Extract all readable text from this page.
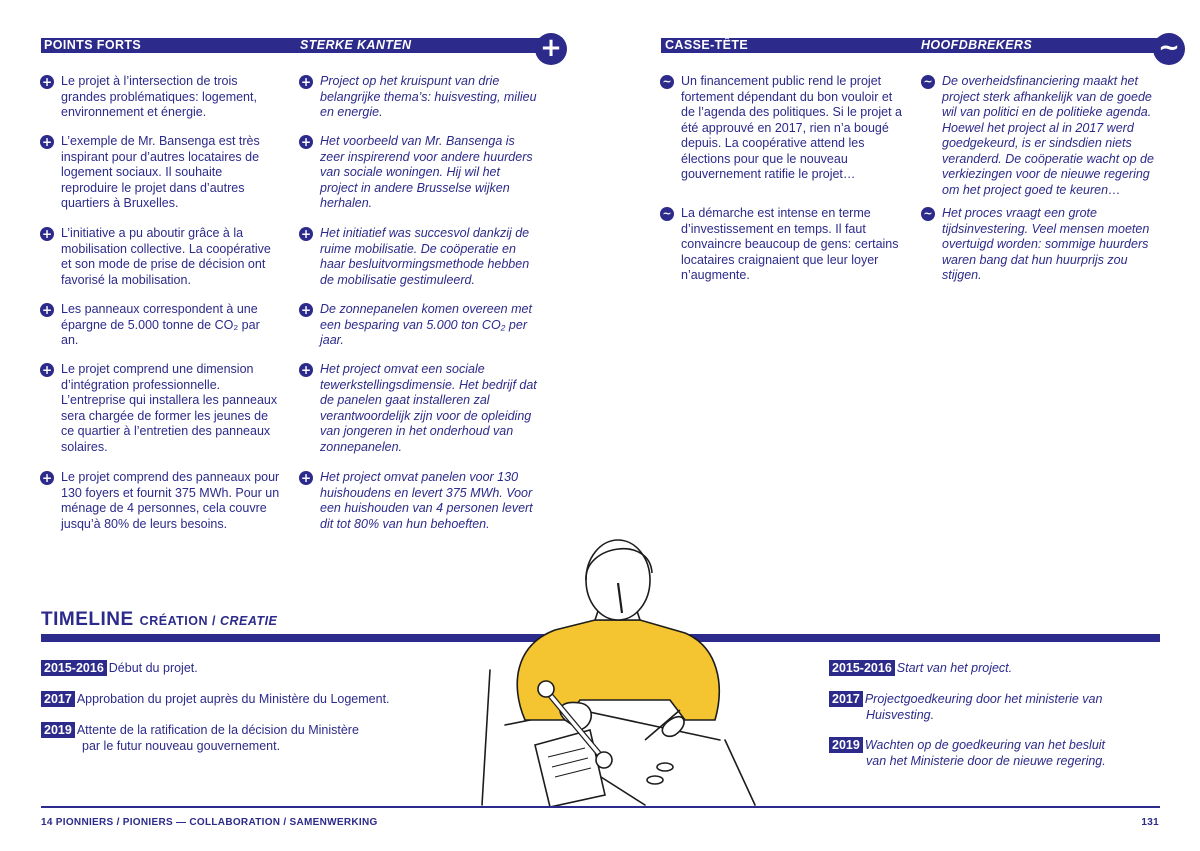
POINTS FORTS	STERKE KANTEN	+	CASSE-TÊTE	HOOFDBREKERS	~
+ Le projet à l’intersection de trois grandes problématiques: logement, environnement et énergie.
+ L’exemple de Mr. Bansenga est très inspirant pour d’autres locataires de logement sociaux. Il souhaite reproduire le projet dans d’autres quartiers à Bruxelles.
+ L’initiative a pu aboutir grâce à la mobilisation collective. La coopérative et son mode de prise de décision ont favorisé la mobilisation.
+ Les panneaux correspondent à une épargne de 5.000 tonne de CO₂ par an.
+ Le projet comprend une dimension d’intégration professionnelle. L’entreprise qui installera les panneaux sera chargée de former les jeunes de ce quartier à l’entretien des panneaux solaires.
+ Le projet comprend des panneaux pour 130 foyers et fournit 375 MWh. Pour un ménage de 4 personnes, cela couvre jusqu’à 80% de leurs besoins.
+ Project op het kruispunt van drie belangrijke thema’s: huisvesting, milieu en energie.
+ Het voorbeeld van Mr. Bansenga is zeer inspirerend voor andere huurders van sociale woningen. Hij wil het project in andere Brusselse wijken herhalen.
+ Het initiatief was succesvol dankzij de ruime mobilisatie. De coöperatie en haar besluitvormingsmethode hebben de mobilisatie gestimuleerd.
+ De zonnepanelen komen overeen met een besparing van 5.000 ton CO₂ per jaar.
+ Het project omvat een sociale tewerkstellingsdimensie. Het bedrijf dat de panelen gaat installeren zal verantwoordelijk zijn voor de opleiding van jongeren in het onderhoud van zonnepanelen.
+ Het project omvat panelen voor 130 huishoudens en levert 375 MWh. Voor een huishouden van 4 personen levert dit tot 80% van hun behoeften.
~ Un financement public rend le projet fortement dépendant du bon vouloir et de l’agenda des politiques. Si le projet a été approuvé en 2017, rien n’a bougé depuis. La coopérative attend les élections pour que le nouveau gouvernement ratifie le projet…
~ La démarche est intense en terme d’investissement en temps. Il faut convaincre beaucoup de gens: certains locataires craignaient que leur loyer n’augmente.
~ De overheidsfinanciering maakt het project sterk afhankelijk van de goede wil van politici en de politieke agenda. Hoewel het project al in 2017 werd goedgekeurd, is er sindsdien niets veranderd. De coöperatie wacht op de verkiezingen voor de nieuwe regering om het project goed te keuren…
~ Het proces vraagt een grote tijdsinvestering. Veel mensen moeten overtuigd worden: sommige huurders waren bang dat hun huurprijs zou stijgen.
TIMELINE CRÉATION / CREATIE
2015-2016 Début du projet.
2017 Approbation du projet auprès du Ministère du Logement.
2019 Attente de la ratification de la décision du Ministère
par le futur nouveau gouvernement.
2015-2016 Start van het project.
2017 Projectgoedkeuring door het ministerie van
Huisvesting.
2019 Wachten op de goedkeuring van het besluit
van het Ministerie door de nieuwe regering.
14 PIONNIERS / PIONIERS — COLLABORATION / SAMENWERKING	131
